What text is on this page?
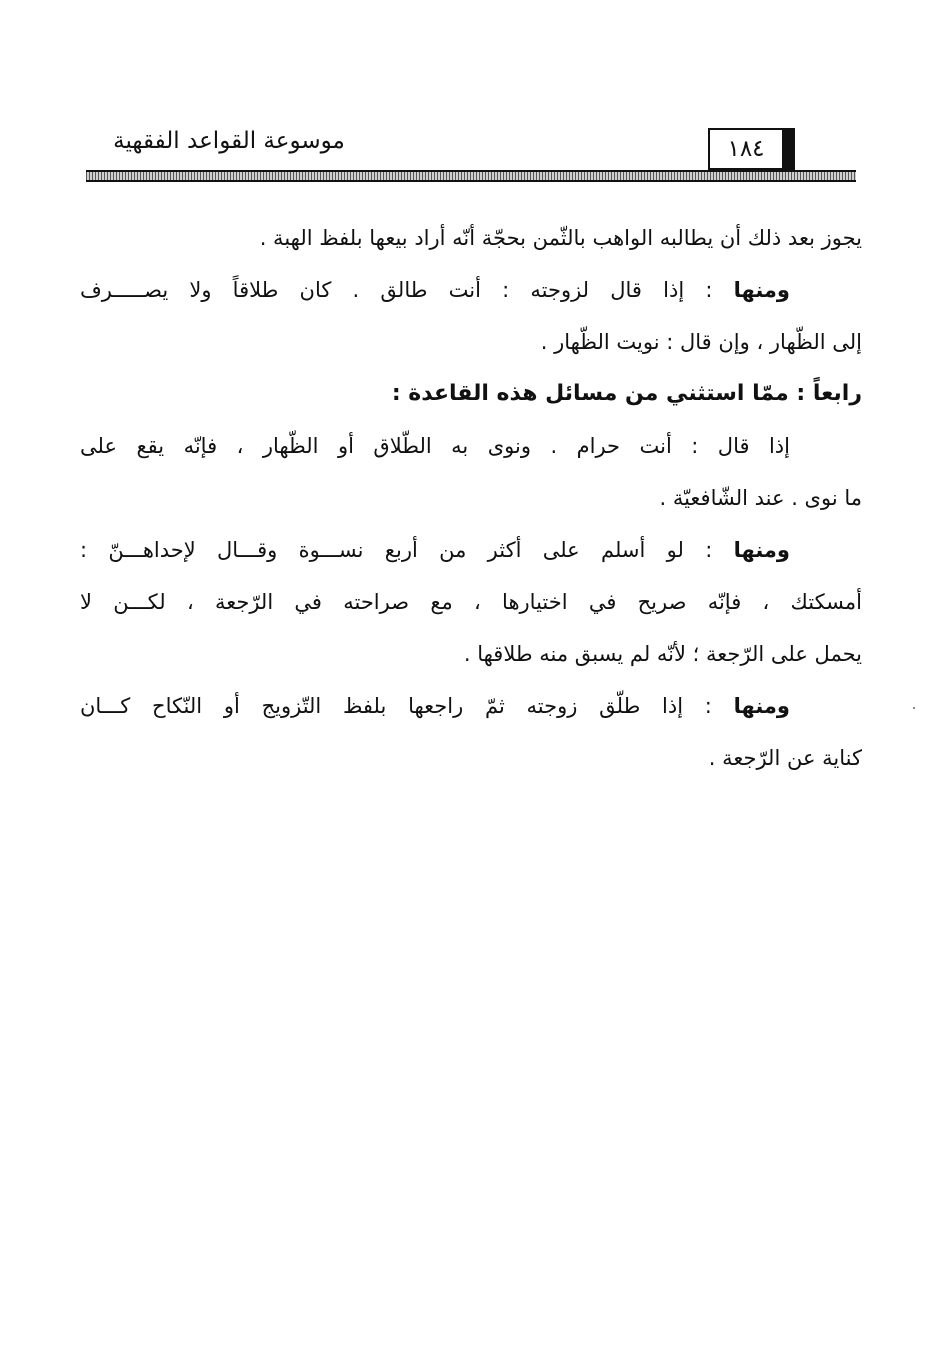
موسوعة القواعد الفقهية	١٨٤
يجوز بعد ذلك أن يطالبه الواهب بالثّمن بحجّة أنّه أراد بيعها بلفظ الهبة .
ومنها : إذا قال لزوجته : أنت طالق . كان طلاقاً ولا يصـــــرف
إلى الظّهار ، وإن قال : نويت الظّهار .
رابعاً : ممّا استثني من مسائل هذه القاعدة :
إذا قال : أنت حرام . ونوى به الطّلاق أو الظّهار ، فإنّه يقع على
ما نوى . عند الشّافعيّة .
ومنها : لو أسلم على أكثر من أربع نســـوة وقـــال لإحداهـــنّ :
أمسكتك ، فإنّه صريح في اختيارها ، مع صراحته في الرّجعة ، لكـــن لا
يحمل على الرّجعة ؛ لأنّه لم يسبق منه طلاقها .
ومنها : إذا طلّق زوجته ثمّ راجعها بلفظ التّزويج أو النّكاح كـــان
كناية عن الرّجعة .
